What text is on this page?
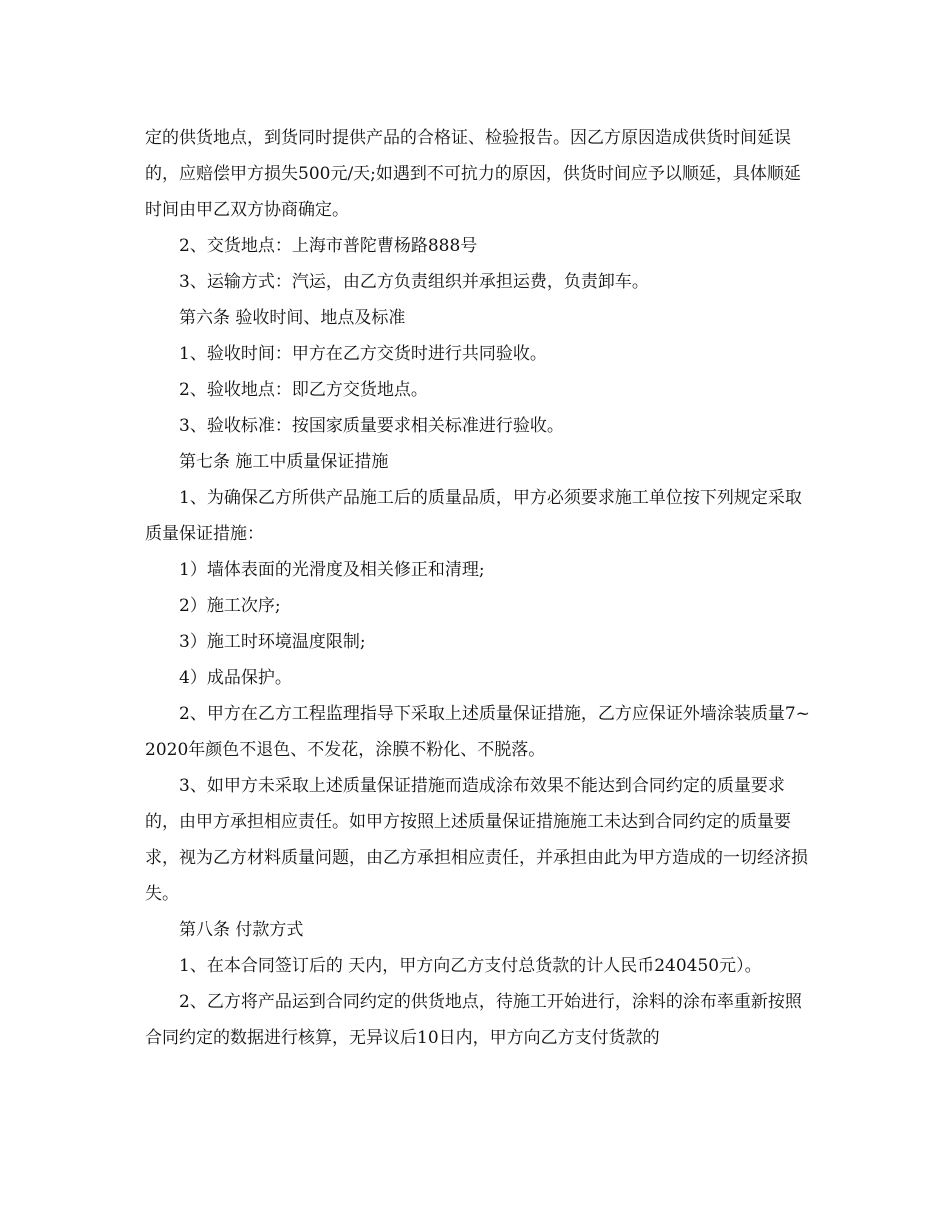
定的供货地点，到货同时提供产品的合格证、检验报告。因乙方原因造成供货时间延误的，应赔偿甲方损失500元/天;如遇到不可抗力的原因，供货时间应予以顺延，具体顺延时间由甲乙双方协商确定。

2、交货地点：上海市普陀曹杨路888号

3、运输方式：汽运，由乙方负责组织并承担运费，负责卸车。

第六条 验收时间、地点及标准

1、验收时间：甲方在乙方交货时进行共同验收。

2、验收地点：即乙方交货地点。

3、验收标准：按国家质量要求相关标准进行验收。

第七条 施工中质量保证措施

1、为确保乙方所供产品施工后的质量品质，甲方必须要求施工单位按下列规定采取质量保证措施：

1）墙体表面的光滑度及相关修正和清理;

2）施工次序;

3）施工时环境温度限制;

4）成品保护。

2、甲方在乙方工程监理指导下采取上述质量保证措施，乙方应保证外墙涂装质量7~2020年颜色不退色、不发花，涂膜不粉化、不脱落。

3、如甲方未采取上述质量保证措施而造成涂布效果不能达到合同约定的质量要求的，由甲方承担相应责任。如甲方按照上述质量保证措施施工未达到合同约定的质量要求，视为乙方材料质量问题，由乙方承担相应责任，并承担由此为甲方造成的一切经济损失。

第八条 付款方式

1、在本合同签订后的 天内，甲方向乙方支付总货款的计人民币240450元）。

2、乙方将产品运到合同约定的供货地点，待施工开始进行，涂料的涂布率重新按照合同约定的数据进行核算，无异议后10日内，甲方向乙方支付货款的
